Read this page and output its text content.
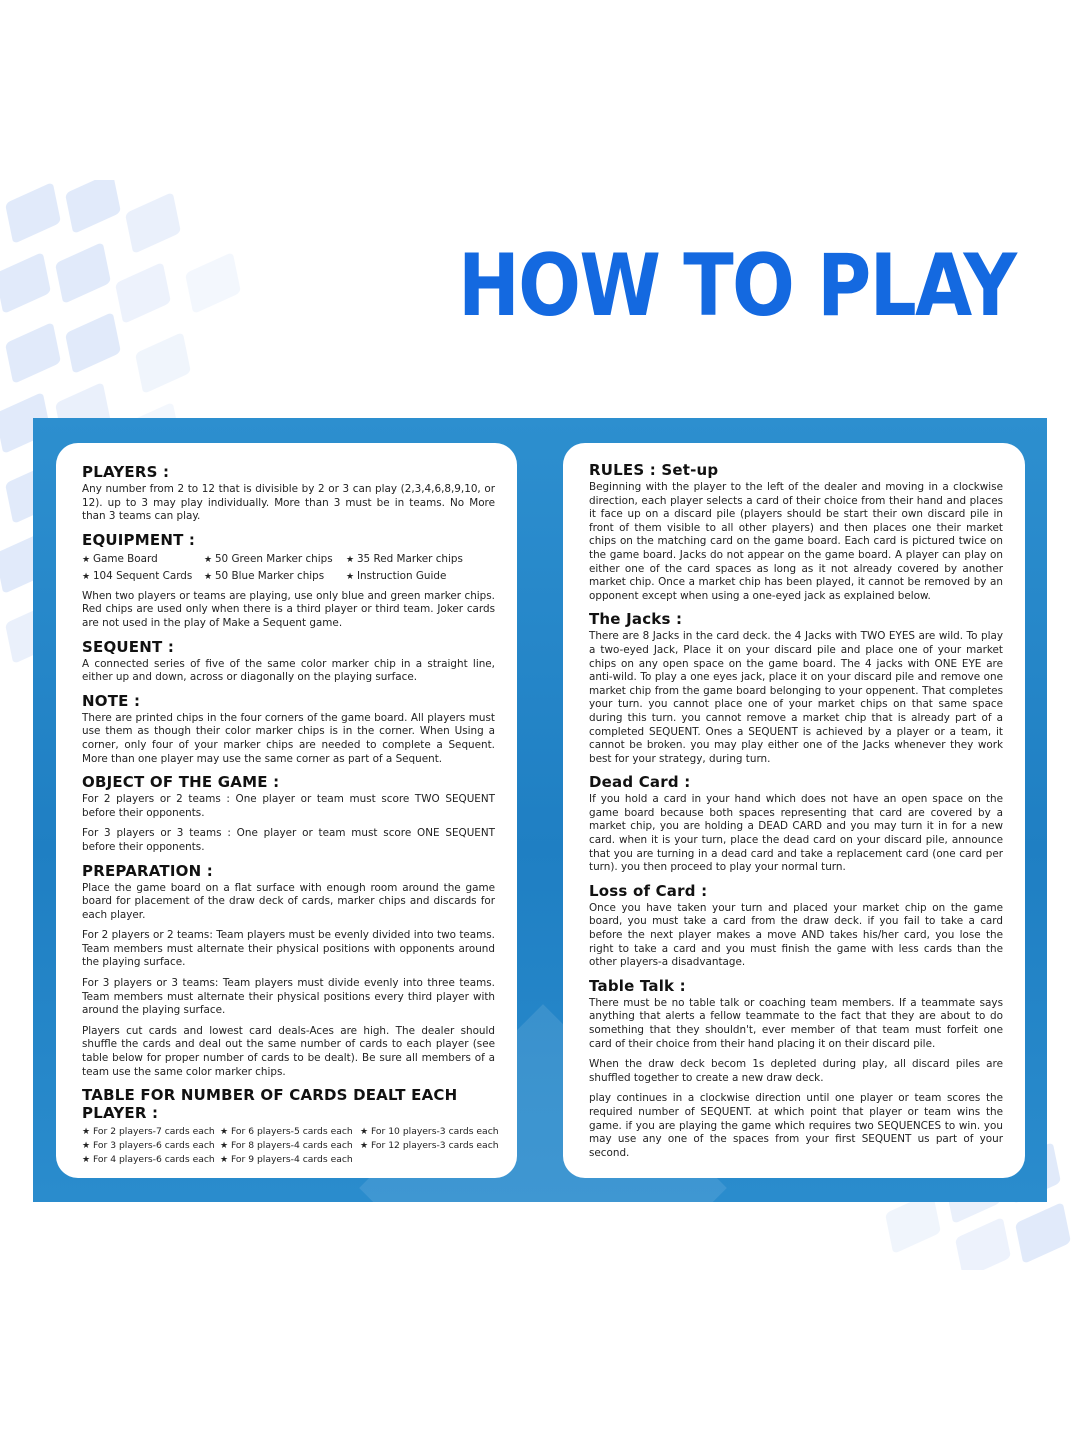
HOW TO PLAY
PLAYERS :

Any number from 2 to 12 that is divisible by 2 or 3 can play (2,3,4,6,8,9,10, or 12). up to 3 may play individually. More than 3 must be in teams. No More than 3 teams can play.

EQUIPMENT :
★ Game Board	★ 50 Green Marker chips	★ 35 Red Marker chips
★ 104 Sequent Cards	★ 50 Blue Marker chips	★ Instruction Guide

When two players or teams are playing, use only blue and green marker chips. Red chips are used only when there is a third player or third team. Joker cards are not used in the play of Make a Sequent game.

SEQUENT :

A connected series of five of the same color marker chip in a straight line, either up and down, across or diagonally on the playing surface.

NOTE :

There are printed chips in the four corners of the game board. All players must use them as though their color marker chips is in the corner. When Using a corner, only four of your marker chips are needed to complete a Sequent. More than one player may use the same corner as part of a Sequent.

OBJECT OF THE GAME :

For 2 players or 2 teams : One player or team must score TWO SEQUENT before their opponents.

For 3 players or 3 teams : One player or team must score ONE SEQUENT before their opponents.

PREPARATION :

Place the game board on a flat surface with enough room around the game board for placement of the draw deck of cards, marker chips and discards for each player.

For 2 players or 2 teams: Team players must be evenly divided into two teams. Team members must alternate their physical positions with opponents around the playing surface.

For 3 players or 3 teams: Team players must divide evenly into three teams. Team members must alternate their physical positions every third player with around the playing surface.

Players cut cards and lowest card deals-Aces are high. The dealer should shuffle the cards and deal out the same number of cards to each player (see table below for proper number of cards to be dealt). Be sure all members of a team use the same color marker chips.

TABLE FOR NUMBER OF CARDS DEALT EACH PLAYER :
★ For 2 players-7 cards each	★ For 6 players-5 cards each	★ For 10 players-3 cards each
★ For 3 players-6 cards each	★ For 8 players-4 cards each	★ For 12 players-3 cards each
★ For 4 players-6 cards each	★ For 9 players-4 cards each
RULES : Set-up

Beginning with the player to the left of the dealer and moving in a clockwise direction, each player selects a card of their choice from their hand and places it face up on a discard pile (players should be start their own discard pile in front of them visible to all other players) and then places one their market chips on the matching card on the game board. Each card is pictured twice on the game board. Jacks do not appear on the game board. A player can play on either one of the card spaces as long as it not already covered by another market chip. Once a market chip has been played, it cannot be removed by an opponent except when using a one-eyed jack as explained below.

The Jacks :

There are 8 Jacks in the card deck. the 4 Jacks with TWO EYES are wild. To play a two-eyed Jack, Place it on your discard pile and place one of your market chips on any open space on the game board. The 4 jacks with ONE EYE are anti-wild. To play a one eyes jack, place it on your discard pile and remove one market chip from the game board belonging to your oppenent. That completes your turn. you cannot place one of your market chips on that same space during this turn. you cannot remove a market chip that is already part of a completed SEQUENT. Ones a SEQUENT is achieved by a player or a team, it cannot be broken. you may play either one of the Jacks whenever they work best for your strategy, during turn.

Dead Card :

If you hold a card in your hand which does not have an open space on the game board because both spaces representing that card are covered by a market chip, you are holding a DEAD CARD and you may turn it in for a new card. when it is your turn, place the dead card on your discard pile, announce that you are turning in a dead card and take a replacement card (one card per turn). you then proceed to play your normal turn.

Loss of Card :

Once you have taken your turn and placed your market chip on the game board, you must take a card from the draw deck. if you fail to take a card before the next player makes a move AND takes his/her card, you lose the right to take a card and you must finish the game with less cards than the other players-a disadvantage.

Table Talk :

There must be no table talk or coaching team members. If a teammate says anything that alerts a fellow teammate to the fact that they are about to do something that they shouldn't, ever member of that team must forfeit one card of their choice from their hand placing it on their discard pile.

When the draw deck becom 1s depleted during play, all discard piles are shuffled together to create a new draw deck.

play continues in a clockwise direction until one player or team scores the required number of SEQUENT. at which point that player or team wins the game. if you are playing the game which requires two SEQUENCES to win. you may use any one of the spaces from your first SEQUENT us part of your second.
